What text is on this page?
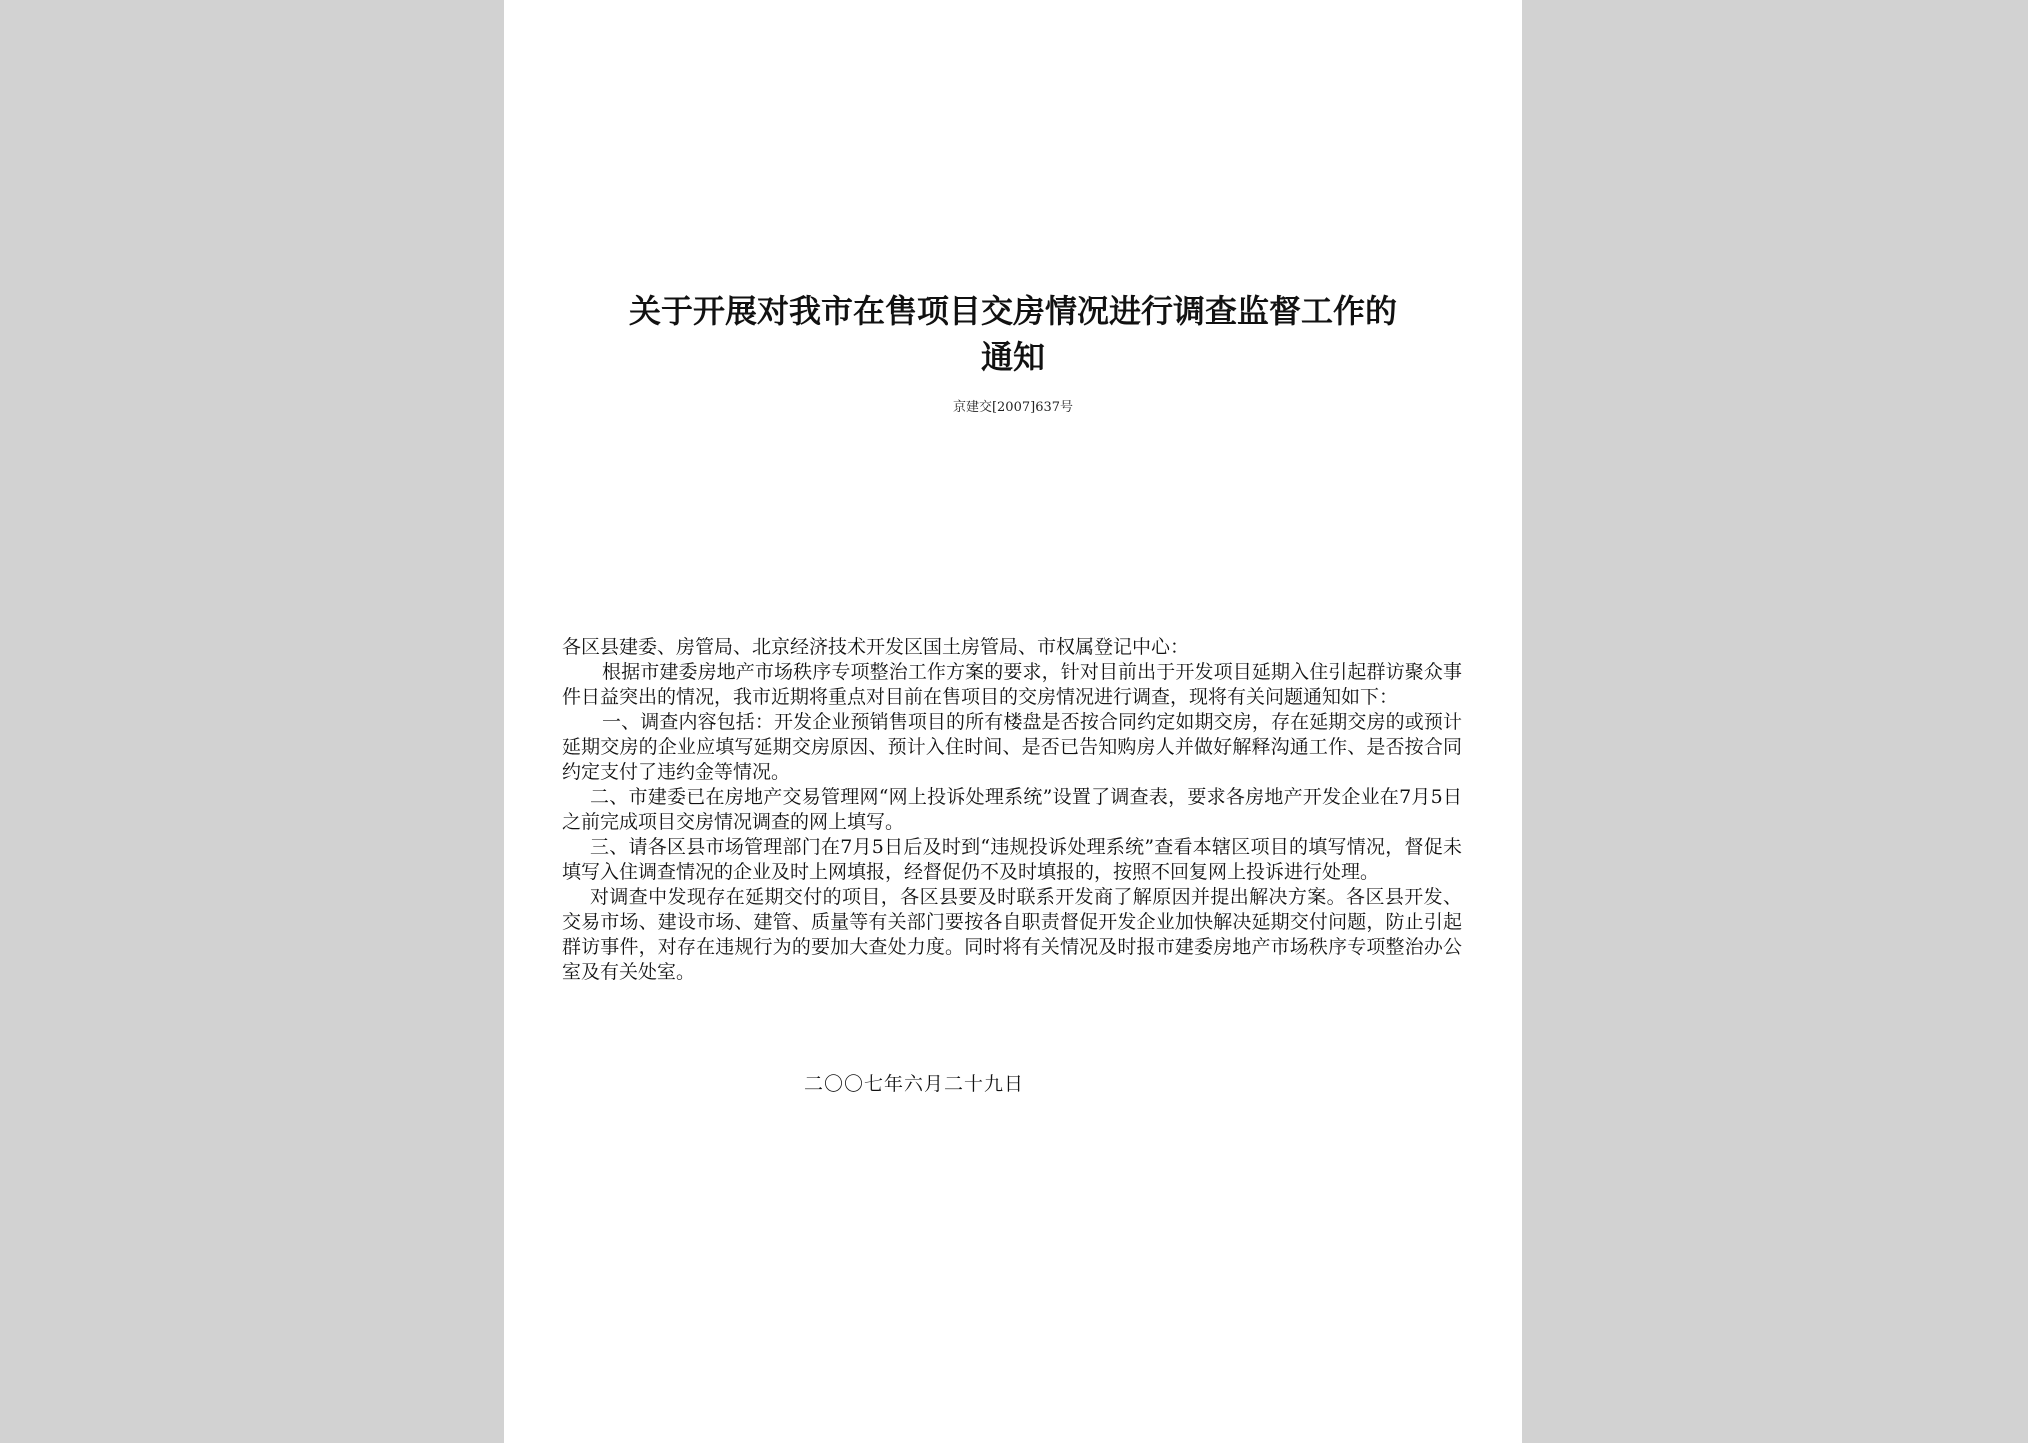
关于开展对我市在售项目交房情况进行调查监督工作的
通知
京建交[2007]637号

各区县建委、房管局、北京经济技术开发区国土房管局、市权属登记中心：

根据市建委房地产市场秩序专项整治工作方案的要求，针对目前出于开发项目延期入住引起群访聚众事件日益突出的情况，我市近期将重点对目前在售项目的交房情况进行调查，现将有关问题通知如下：

一、调查内容包括：开发企业预销售项目的所有楼盘是否按合同约定如期交房，存在延期交房的或预计延期交房的企业应填写延期交房原因、预计入住时间、是否已告知购房人并做好解释沟通工作、是否按合同约定支付了违约金等情况。

二、市建委已在房地产交易管理网“网上投诉处理系统”设置了调查表，要求各房地产开发企业在7月5日之前完成项目交房情况调查的网上填写。

三、请各区县市场管理部门在7月5日后及时到“违规投诉处理系统”查看本辖区项目的填写情况，督促未填写入住调查情况的企业及时上网填报，经督促仍不及时填报的，按照不回复网上投诉进行处理。

对调查中发现存在延期交付的项目，各区县要及时联系开发商了解原因并提出解决方案。各区县开发、交易市场、建设市场、建管、质量等有关部门要按各自职责督促开发企业加快解决延期交付问题，防止引起群访事件，对存在违规行为的要加大查处力度。同时将有关情况及时报市建委房地产市场秩序专项整治办公室及有关处室。

二〇〇七年六月二十九日
